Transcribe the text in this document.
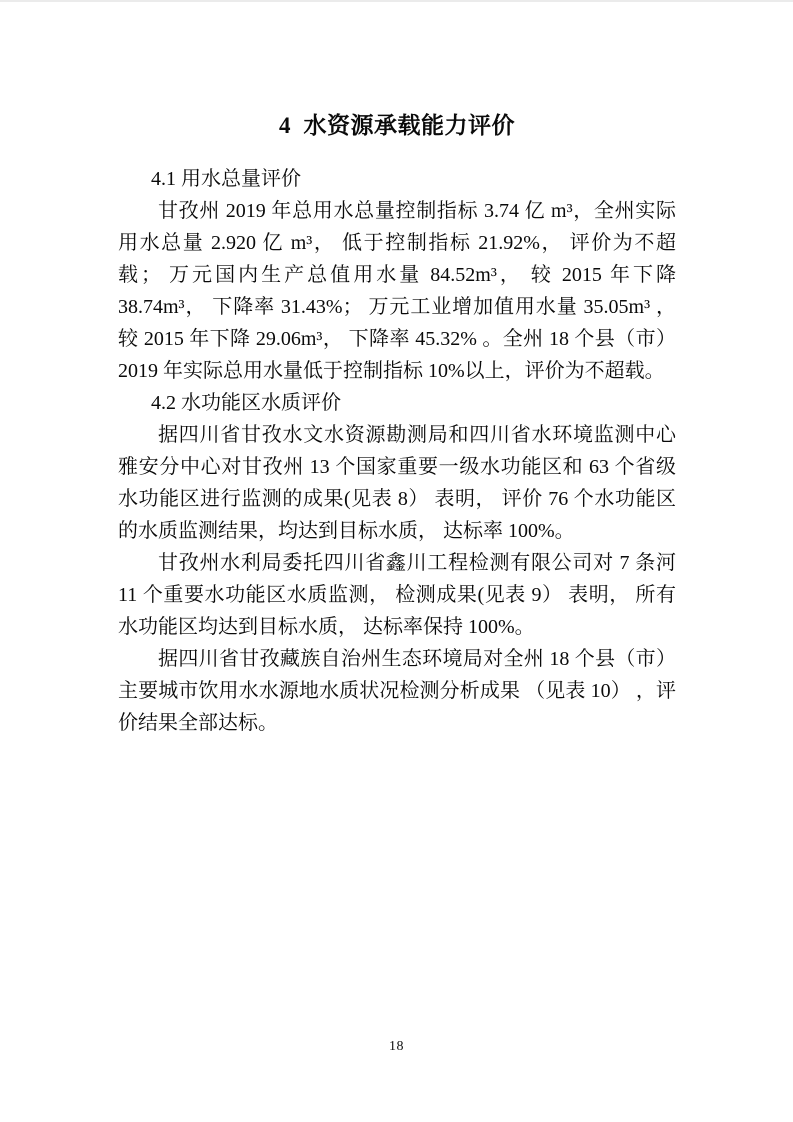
4  水资源承载能力评价
4.1 用水总量评价

甘孜州 2019 年总用水总量控制指标 3.74 亿 m³，全州实际用水总量 2.920 亿 m³， 低于控制指标 21.92%， 评价为不超载； 万元国内生产总值用水量 84.52m³， 较 2015 年下降 38.74m³， 下降率 31.43%； 万元工业增加值用水量 35.05m³ ， 较 2015 年下降 29.06m³， 下降率 45.32% 。全州 18 个县（市）2019 年实际总用水量低于控制指标 10%以上，评价为不超载。

4.2 水功能区水质评价

据四川省甘孜水文水资源勘测局和四川省水环境监测中心雅安分中心对甘孜州 13 个国家重要一级水功能区和 63 个省级水功能区进行监测的成果(见表 8） 表明， 评价 76 个水功能区的水质监测结果，均达到目标水质， 达标率 100%。

甘孜州水利局委托四川省鑫川工程检测有限公司对 7 条河 11 个重要水功能区水质监测， 检测成果(见表 9） 表明， 所有水功能区均达到目标水质， 达标率保持 100%。

据四川省甘孜藏族自治州生态环境局对全州 18 个县（市）主要城市饮用水水源地水质状况检测分析成果 （见表 10） ，评价结果全部达标。

18
